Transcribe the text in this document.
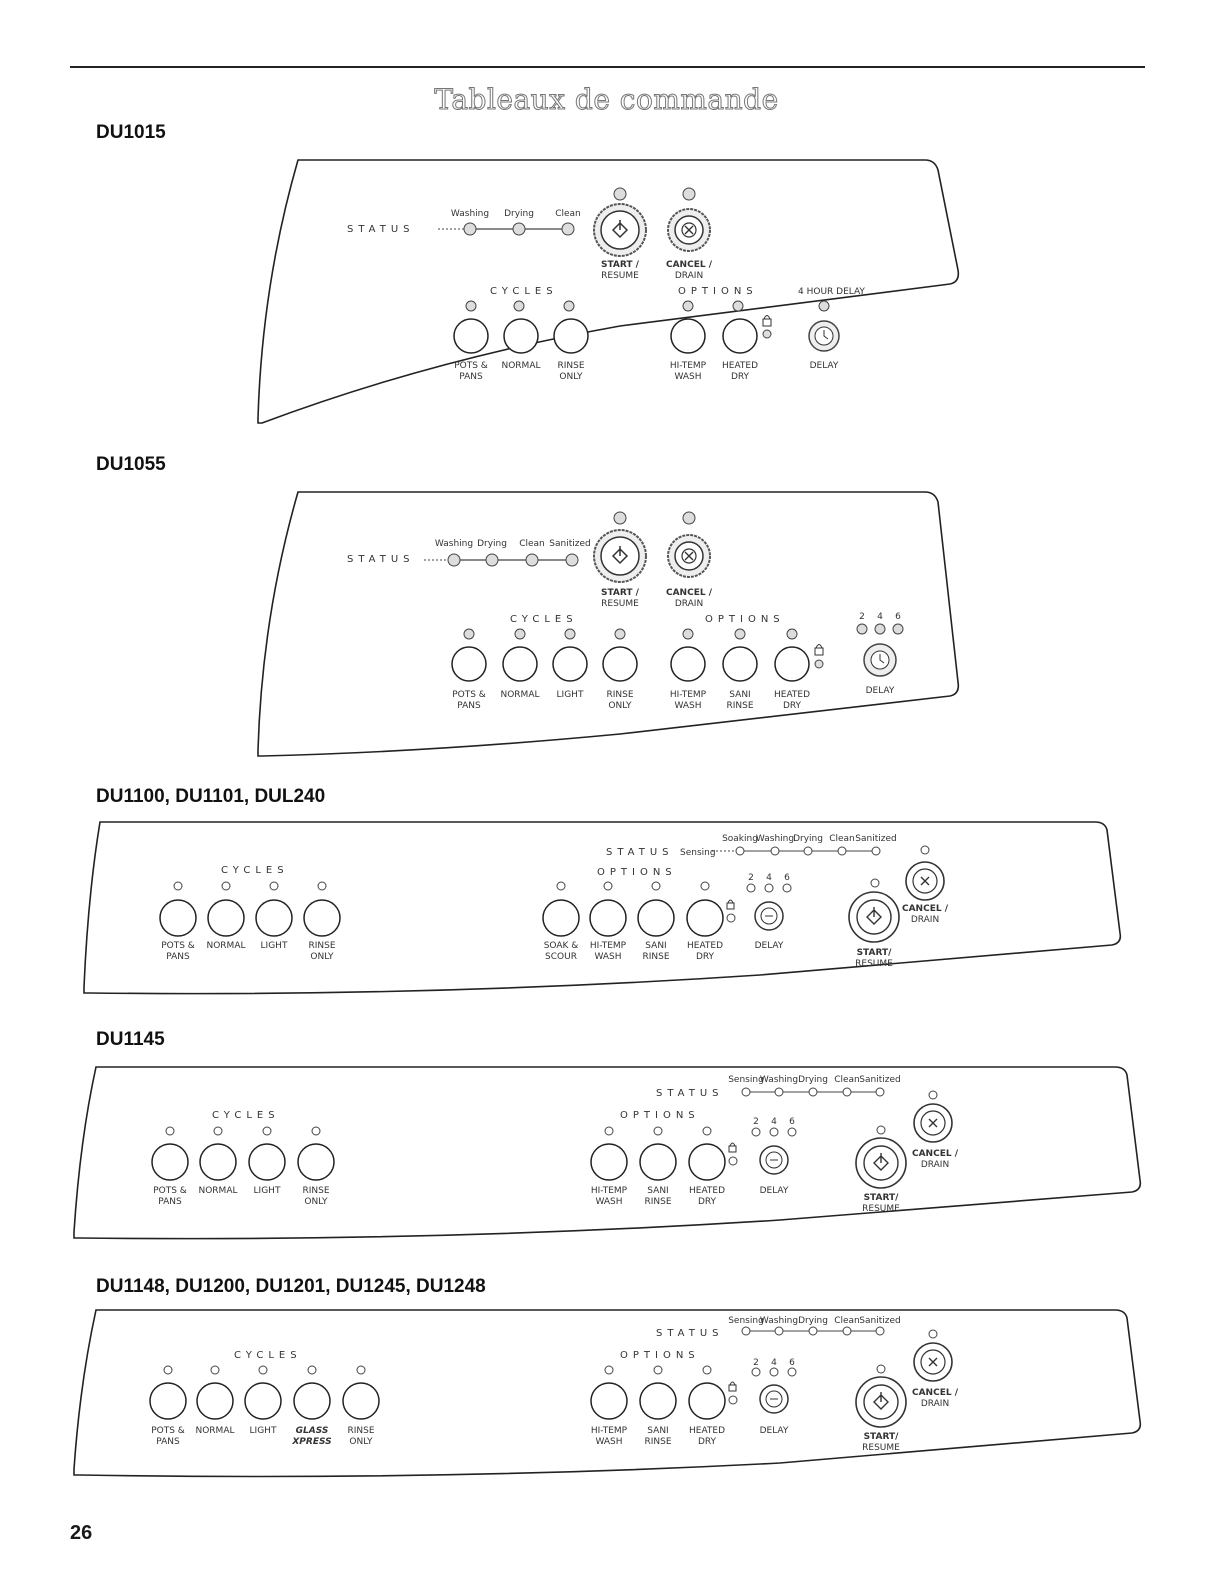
Tableaux de commande
DU1015
STATUS
Washing Drying Clean
START /
RESUME
CANCEL /
DRAIN
CYCLES	OPTIONS	4 HOUR DELAY
POTS &
PANS
NORMAL RINSE
ONLY
HI-TEMP
WASH
HEATED
DRY
DELAY
DU1055
STATUS
Washing Drying Clean Sanitized
START /
RESUME
CANCEL /
DRAIN
CYCLES	OPTIONS	2 4 6
POTS &
PANS
NORMAL LIGHT	RINSE
ONLY
HI-TEMP
WASH
SANI
RINSE
HEATED
DRY
DELAY
DU1100, DU1101, DUL240
STATUS Sensing
Soaking
Washing
Drying Clean Sanitized
CYCLES	OPTIONS	2 4 6
CANCEL /
DRAIN
START/
RESUME
POTS &
PANS
NORMAL LIGHT RINSE
ONLY
SOAK &
SCOUR
HI-TEMP
WASH
SANI
RINSE
HEATED
DRY
DELAY
DU1145
STATUS
Sensing
Washing Drying Clean Sanitized
CYCLES	OPTIONS
2 4 6
CANCEL /
DRAIN
START/
RESUME
POTS &
PANS
NORMAL LIGHT RINSE
ONLY
HI-TEMP
WASH
SANI
RINSE
HEATED
DRY
DELAY
DU1148, DU1200, DU1201, DU1245, DU1248
STATUS
Sensing
Washing Drying Clean Sanitized
CYCLES	OPTIONS
2 4 6
CANCEL /
DRAIN
START/
RESUME
POTS &
PANS
NORMAL LIGHT GLASS
XPRESS
RINSE
ONLY
HI-TEMP
WASH
SANI
RINSE
HEATED
DRY
DELAY
26
